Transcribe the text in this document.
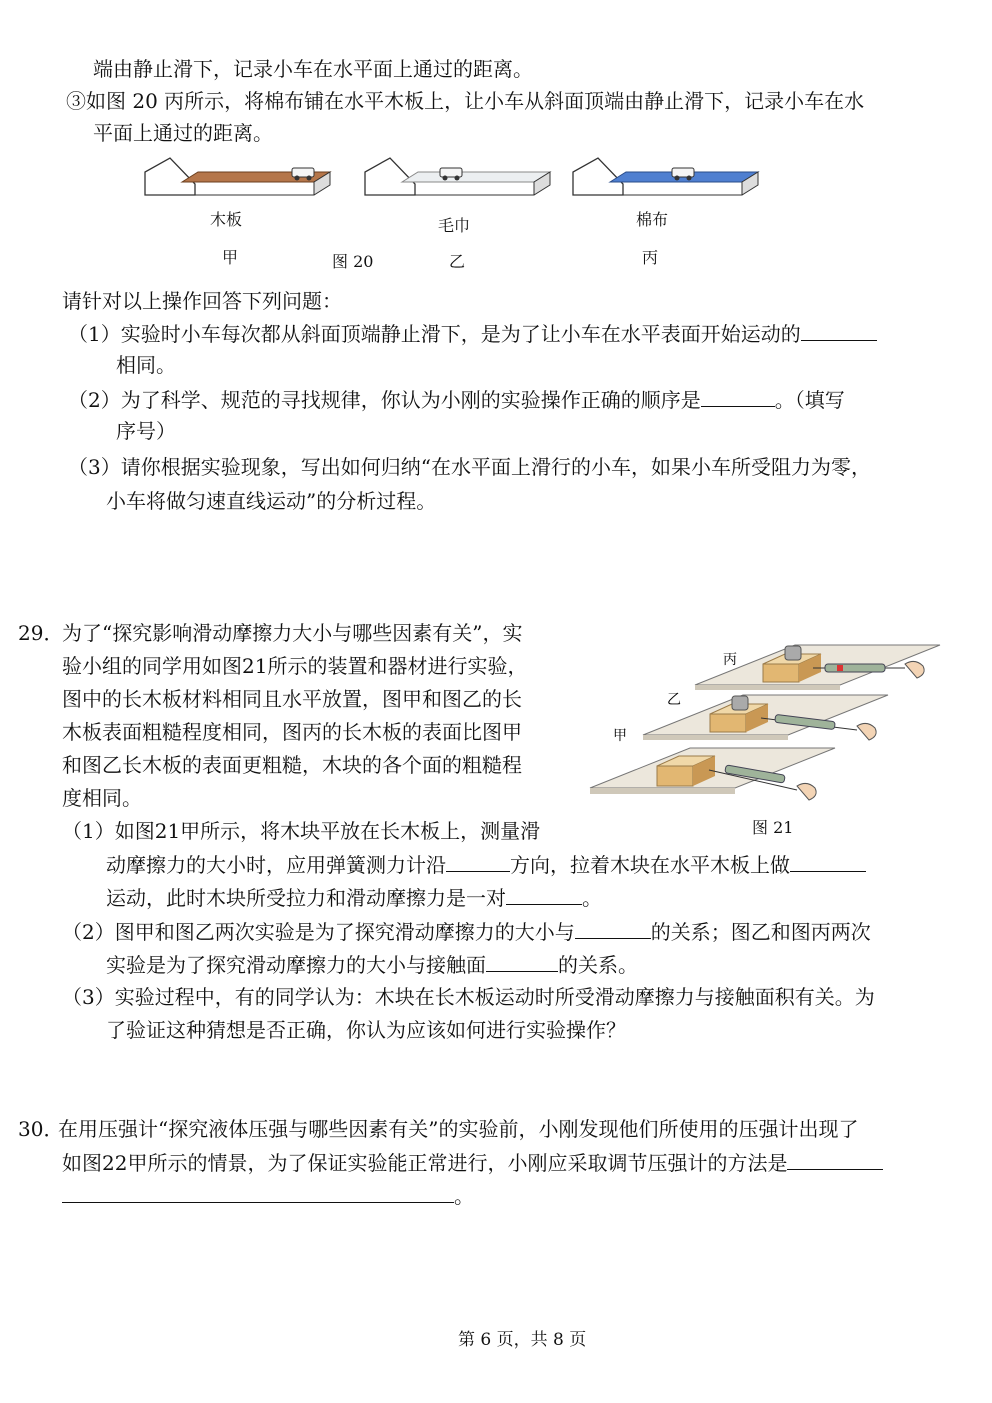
端由静止滑下，记录小车在水平面上通过的距离。
③如图 20 丙所示，将棉布铺在水平木板上，让小车从斜面顶端由静止滑下，记录小车在水
平面上通过的距离。
木板	毛巾	棉布
甲	图 20	乙	丙
请针对以上操作回答下列问题：
（1）实验时小车每次都从斜面顶端静止滑下，是为了让小车在水平表面开始运动的
相同。
（2）为了科学、规范的寻找规律，你认为小刚的实验操作正确的顺序是	。（填写
序号）
（3）请你根据实验现象，写出如何归纳“在水平面上滑行的小车，如果小车所受阻力为零，
小车将做匀速直线运动”的分析过程。
29．
为了“探究影响滑动摩擦力大小与哪些因素有关”，实
验小组的同学用如图21所示的装置和器材进行实验，
图中的长木板材料相同且水平放置，图甲和图乙的长
木板表面粗糙程度相同，图丙的长木板的表面比图甲
和图乙长木板的表面更粗糙，木块的各个面的粗糙程
度相同。
（1）如图21甲所示，将木块平放在长木板上，测量滑
动摩擦力的大小时，应用弹簧测力计沿	方向，拉着木块在水平木板上做
运动，此时木块所受拉力和滑动摩擦力是一对	。
（2）图甲和图乙两次实验是为了探究滑动摩擦力的大小与	的关系；图乙和图丙两次
实验是为了探究滑动摩擦力的大小与接触面	的关系。
（3）实验过程中，有的同学认为：木块在长木板运动时所受滑动摩擦力与接触面积有关。为
了验证这种猜想是否正确，你认为应该如何进行实验操作？
丙
乙
甲
图 21
30．
在用压强计“探究液体压强与哪些因素有关”的实验前，小刚发现他们所使用的压强计出现了
如图22甲所示的情景，为了保证实验能正常进行，小刚应采取调节压强计的方法是
。
第 6 页，共 8 页
